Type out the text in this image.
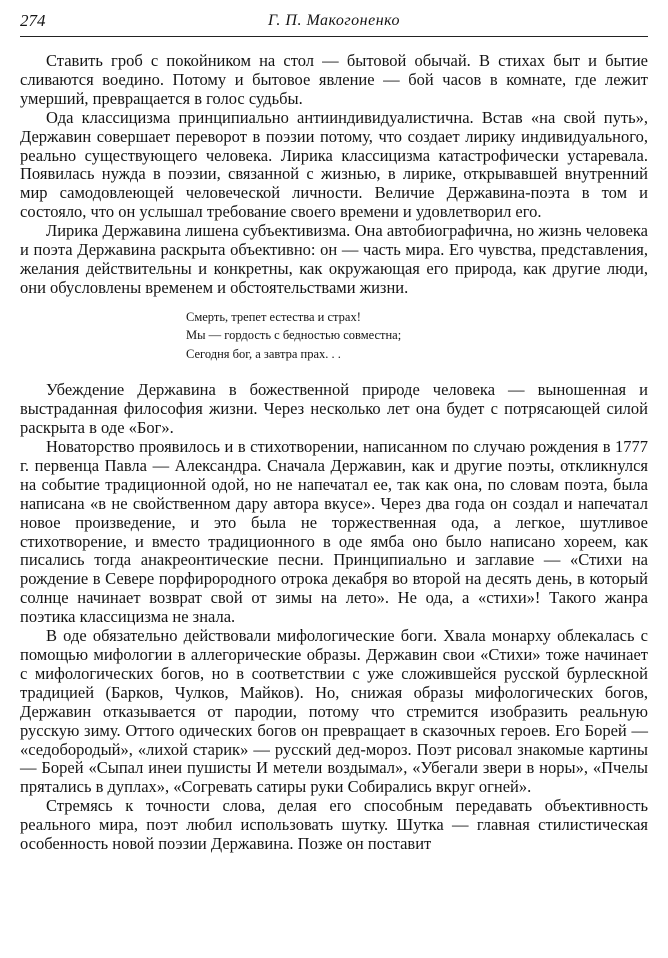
274	Г. П. Макогоненко

Ставить гроб с покойником на стол — бытовой обычай. В стихах быт и бытие сливаются воедино. Потому и бытовое явление — бой часов в комнате, где лежит умерший, превращается в голос судьбы.

Ода классицизма принципиально антииндивидуалистична. Встав «на свой путь», Державин совершает переворот в поэзии потому, что создает лирику индивидуального, реально существующего человека. Лирика классицизма катастрофически устаревала. Появилась нужда в поэзии, связанной с жизнью, в лирике, открывавшей внутренний мир самодовлеющей человеческой личности. Величие Державина-поэта в том и состояло, что он услышал требование своего времени и удовлетворил его.

Лирика Державина лишена субъективизма. Она автобиографична, но жизнь человека и поэта Державина раскрыта объективно: он — часть мира. Его чувства, представления, желания действительны и конкретны, как окружающая его природа, как другие люди, они обусловлены временем и обстоятельствами жизни.

Смерть, трепет естества и страх!
Мы — гордость с бедностью совместна;
Сегодня бог, а завтра прах. . .

Убеждение Державина в божественной природе человека — выношенная и выстраданная философия жизни. Через несколько лет она будет с потрясающей силой раскрыта в оде «Бог».

Новаторство проявилось и в стихотворении, написанном по случаю рождения в 1777 г. первенца Павла — Александра. Сначала Державин, как и другие поэты, откликнулся на событие традиционной одой, но не напечатал ее, так как она, по словам поэта, была написана «в не свойственном дару автора вкусе». Через два года он создал и напечатал новое произведение, и это была не торжественная ода, а легкое, шутливое стихотворение, и вместо традиционного в оде ямба оно было написано хореем, как писались тогда анакреонтические песни. Принципиально и заглавие — «Стихи на рождение в Севере порфирородного отрока декабря во второй на десять день, в который солнце начинает возврат свой от зимы на лето». Не ода, а «стихи»! Такого жанра поэтика классицизма не знала.

В оде обязательно действовали мифологические боги. Хвала монарху облекалась с помощью мифологии в аллегорические образы. Державин свои «Стихи» тоже начинает с мифологических богов, но в соответствии с уже сложившейся русской бурлескной традицией (Барков, Чулков, Майков). Но, снижая образы мифологических богов, Державин отказывается от пародии, потому что стремится изобразить реальную русскую зиму. Оттого одических богов он превращает в сказочных героев. Его Борей — «седобородый», «лихой старик» — русский дед-мороз. Поэт рисовал знакомые картины — Борей «Сыпал инеи пушисты И метели воздымал», «Убегали звери в норы», «Пчелы прятались в дуплах», «Согревать сатиры руки Собирались вкруг огней».

Стремясь к точности слова, делая его способным передавать объективность реального мира, поэт любил использовать шутку. Шутка — главная стилистическая особенность новой поэзии Державина. Позже он поставит
